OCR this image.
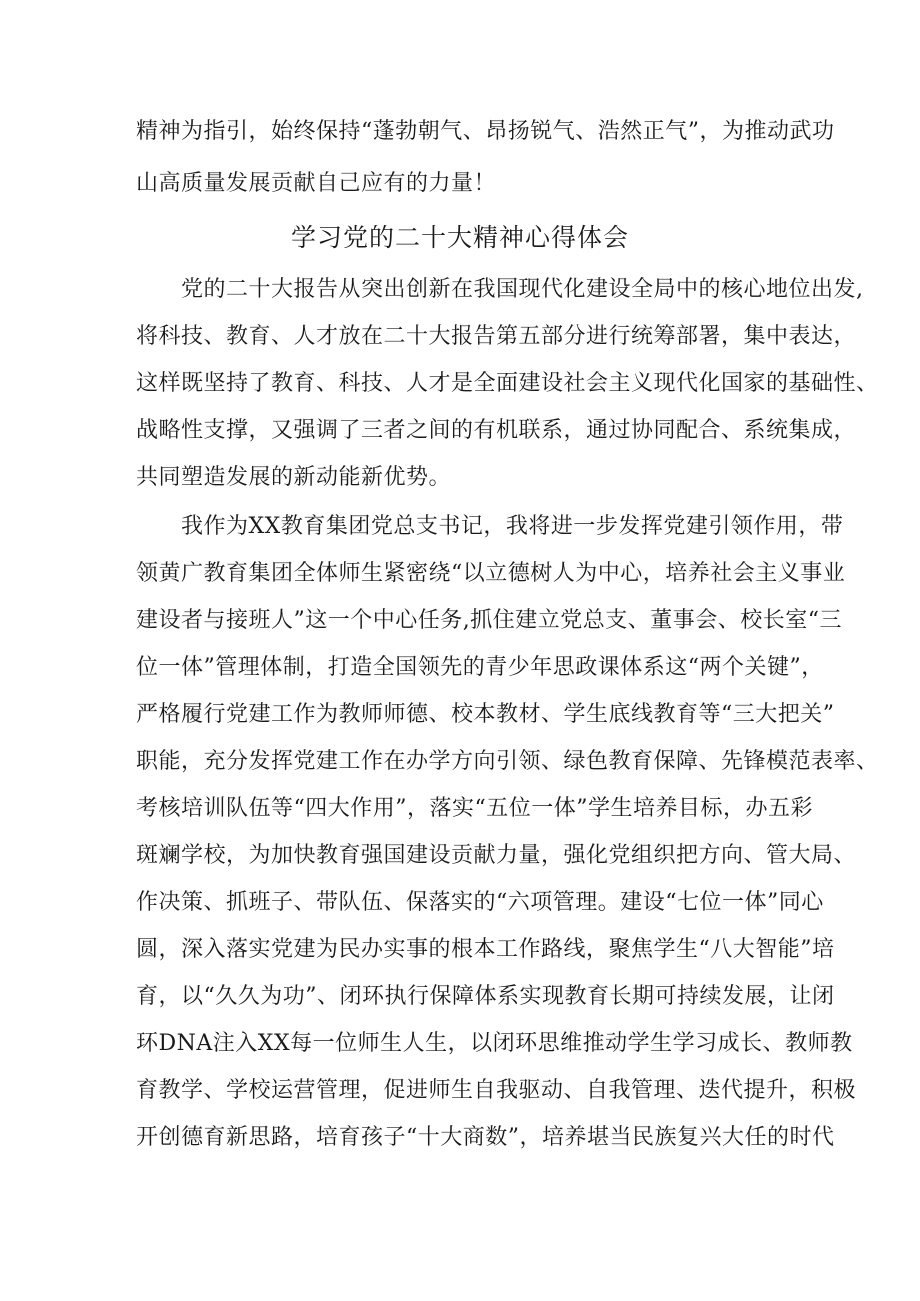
精神为指引，始终保持“蓬勃朝气、昂扬锐气、浩然正气”，为推动武功
山高质量发展贡献自己应有的力量！
学习党的二十大精神心得体会
　　党的二十大报告从突出创新在我国现代化建设全局中的核心地位出发,
将科技、教育、人才放在二十大报告第五部分进行统筹部署，集中表达，
这样既坚持了教育、科技、人才是全面建设社会主义现代化国家的基础性、
战略性支撑，又强调了三者之间的有机联系，通过协同配合、系统集成，
共同塑造发展的新动能新优势。
　　我作为XX教育集团党总支书记，我将进一步发挥党建引领作用，带
领黄广教育集团全体师生紧密绕“以立德树人为中心，培养社会主义事业
建设者与接班人”这一个中心任务,抓住建立党总支、董事会、校长室“三
位一体”管理体制，打造全国领先的青少年思政课体系这“两个关键”，
严格履行党建工作为教师师德、校本教材、学生底线教育等“三大把关”
职能，充分发挥党建工作在办学方向引领、绿色教育保障、先锋模范表率、
考核培训队伍等“四大作用”，落实“五位一体”学生培养目标，办五彩
斑斓学校，为加快教育强国建设贡献力量，强化党组织把方向、管大局、
作决策、抓班子、带队伍、保落实的“六项管理。建设“七位一体”同心
圆，深入落实党建为民办实事的根本工作路线，聚焦学生“八大智能”培
育，以“久久为功”、闭环执行保障体系实现教育长期可持续发展，让闭
环DNA注入XX每一位师生人生，以闭环思维推动学生学习成长、教师教
育教学、学校运营管理，促进师生自我驱动、自我管理、迭代提升，积极
开创德育新思路，培育孩子“十大商数”，培养堪当民族复兴大任的时代
